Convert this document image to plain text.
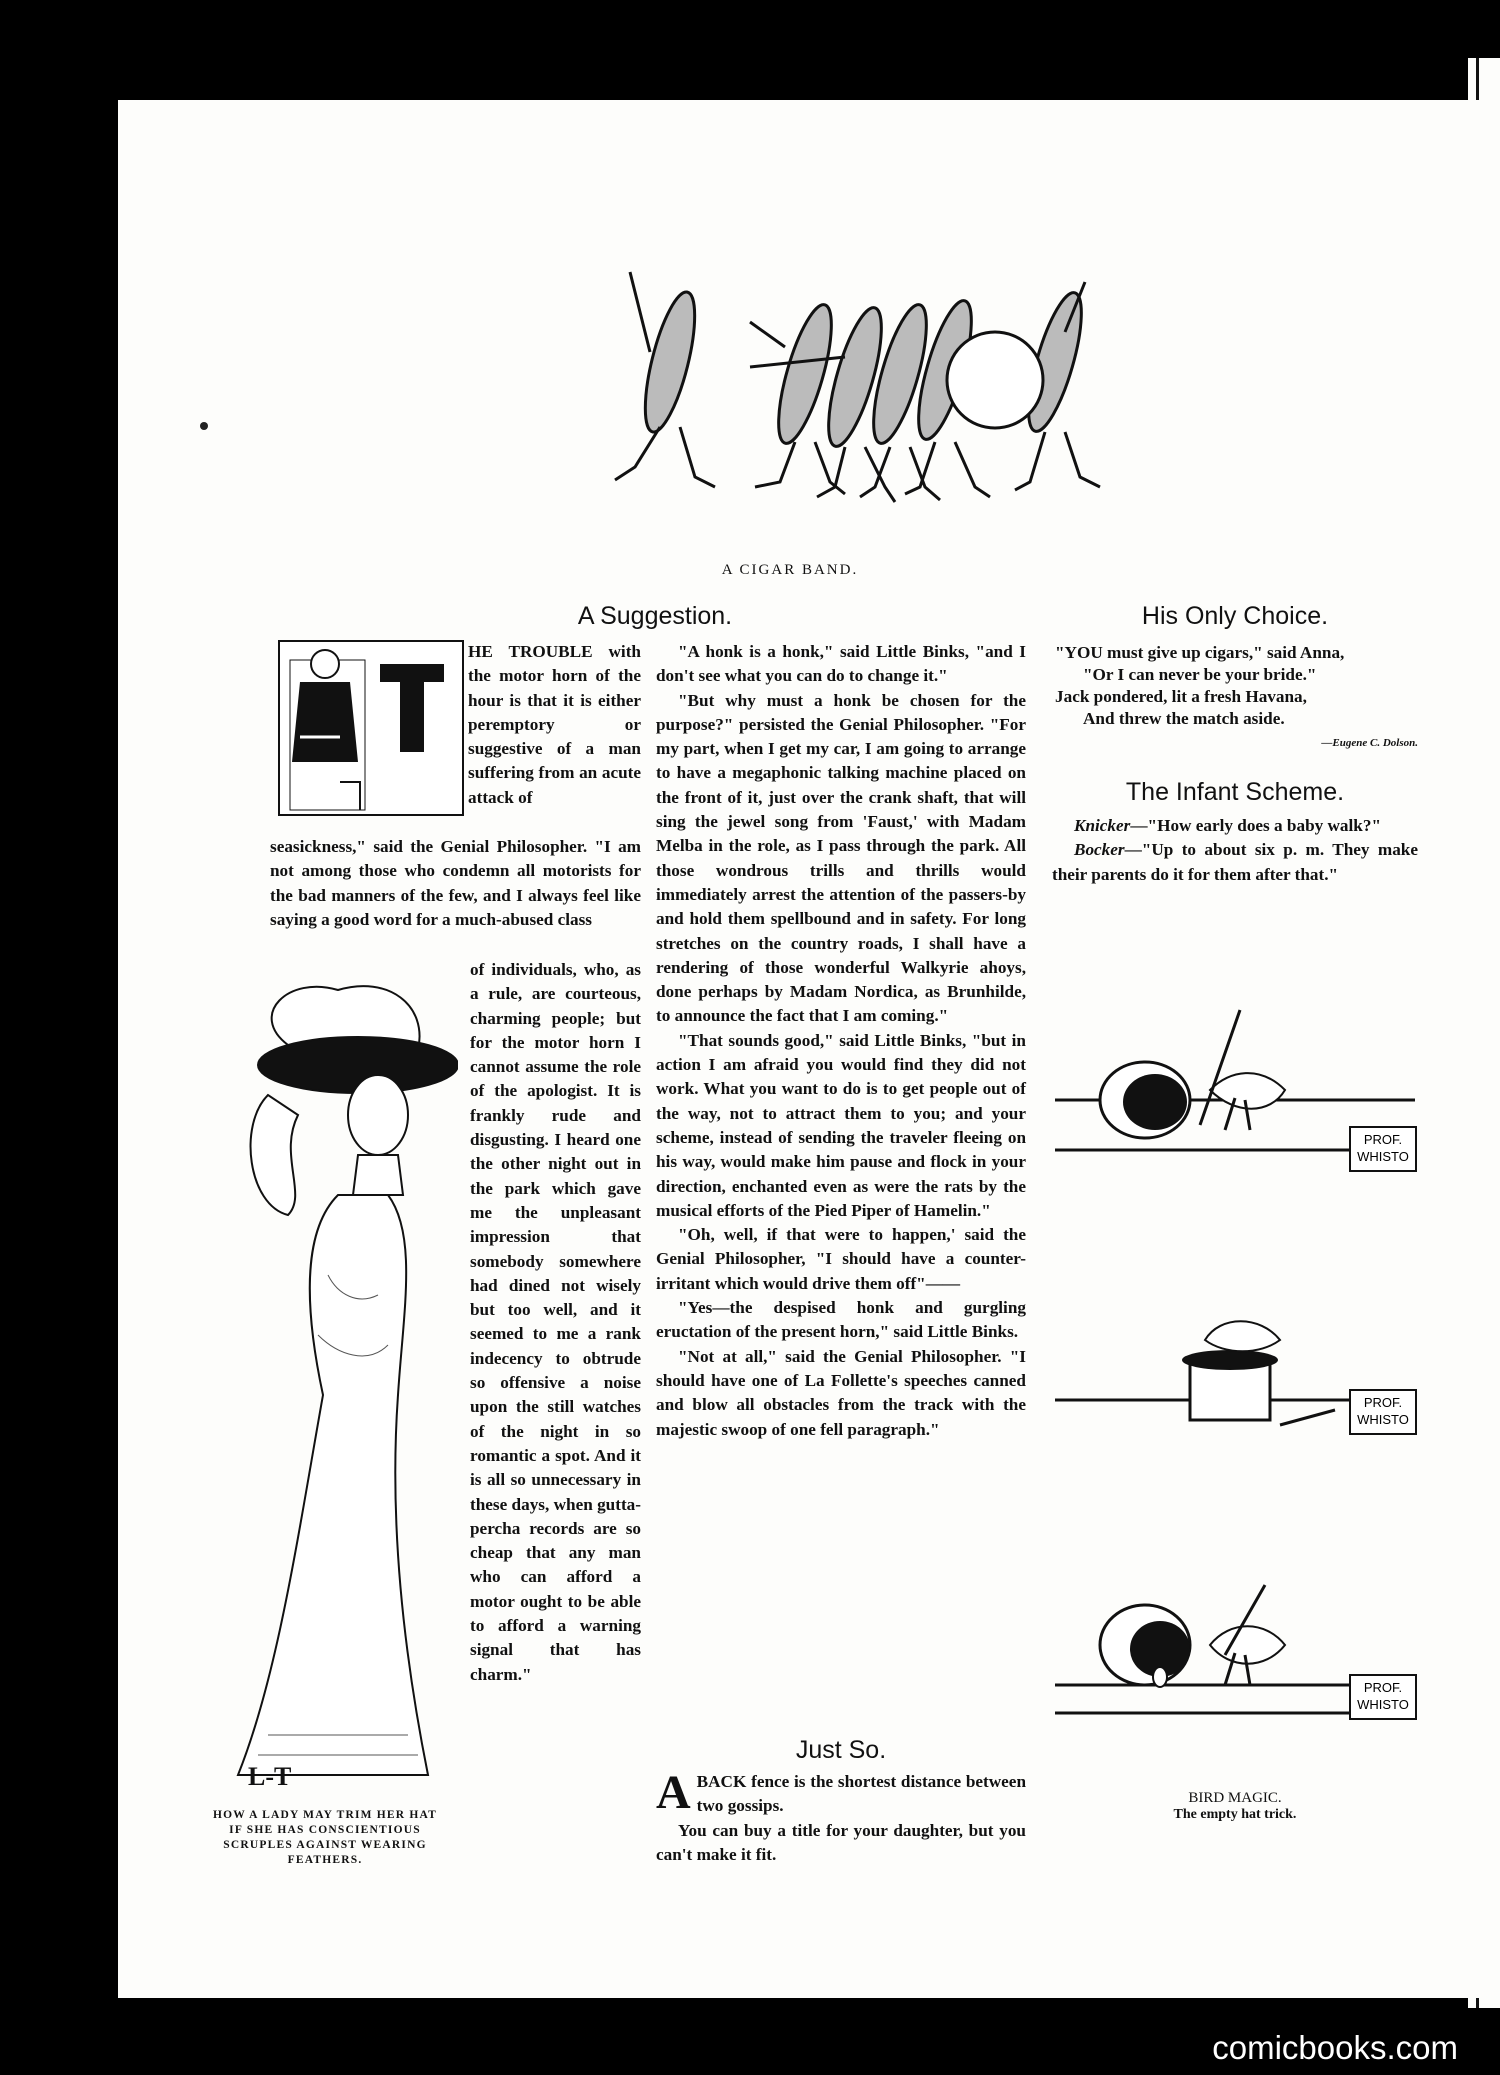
A CIGAR BAND.
A Suggestion.
HE TROUBLE with the motor horn of the hour is that it is either peremptory or suggestive of a man suffering from an acute attack of
seasickness," said the Genial Philosopher. "I am not among those who condemn all motorists for the bad manners of the few, and I always feel like saying a good word for a much-abused class
of individuals, who, as a rule, are courteous, charming people; but for the motor horn I cannot assume the role of the apologist. It is frankly rude and disgusting. I heard one the other night out in the park which gave me the unpleasant impression that somebody somewhere had dined not wisely but too well, and it seemed to me a rank indecency to obtrude so offensive a noise upon the still watches of the night in so romantic a spot. And it is all so unnecessary in these days, when gutta-percha records are so cheap that any man who can afford a motor ought to be able to afford a warning signal that has charm."
L-T
HOW A LADY MAY TRIM HER HAT IF SHE HAS CONSCIENTIOUS SCRUPLES AGAINST WEARING FEATHERS.

"A honk is a honk," said Little Binks, "and I don't see what you can do to change it."

"But why must a honk be chosen for the purpose?" persisted the Genial Philosopher. "For my part, when I get my car, I am going to arrange to have a megaphonic talking machine placed on the front of it, just over the crank shaft, that will sing the jewel song from 'Faust,' with Madam Melba in the role, as I pass through the park. All those wondrous trills and thrills would immediately arrest the attention of the passers-by and hold them spellbound and in safety. For long stretches on the country roads, I shall have a rendering of those wonderful Walkyrie ahoys, done perhaps by Madam Nordica, as Brunhilde, to announce the fact that I am coming."

"That sounds good," said Little Binks, "but in action I am afraid you would find they did not work. What you want to do is to get people out of the way, not to attract them to you; and your scheme, instead of sending the traveler fleeing on his way, would make him pause and flock in your direction, enchanted even as were the rats by the musical efforts of the Pied Piper of Hamelin."

"Oh, well, if that were to happen,' said the Genial Philosopher, "I should have a counter-irritant which would drive them off"——

"Yes—the despised honk and gurgling eructation of the present horn," said Little Binks.

"Not at all," said the Genial Philosopher. "I should have one of La Follette's speeches canned and blow all obstacles from the track with the majestic swoop of one fell paragraph."

Just So.
A BACK fence is the shortest distance between two gossips.

You can buy a title for your daughter, but you can't make it fit.

His Only Choice.
"YOU must give up cigars," said Anna,
"Or I can never be your bride."
Jack pondered, lit a fresh Havana,
And threw the match aside.
—Eugene C. Dolson.
The Infant Scheme.

Knicker—"How early does a baby walk?"

Bocker—"Up to about six p. m. They make their parents do it for them after that."

PROF.
WHISTO
PROF.
WHISTO
PROF.
WHISTO
BIRD MAGIC.
The empty hat trick.
comicbooks.com
